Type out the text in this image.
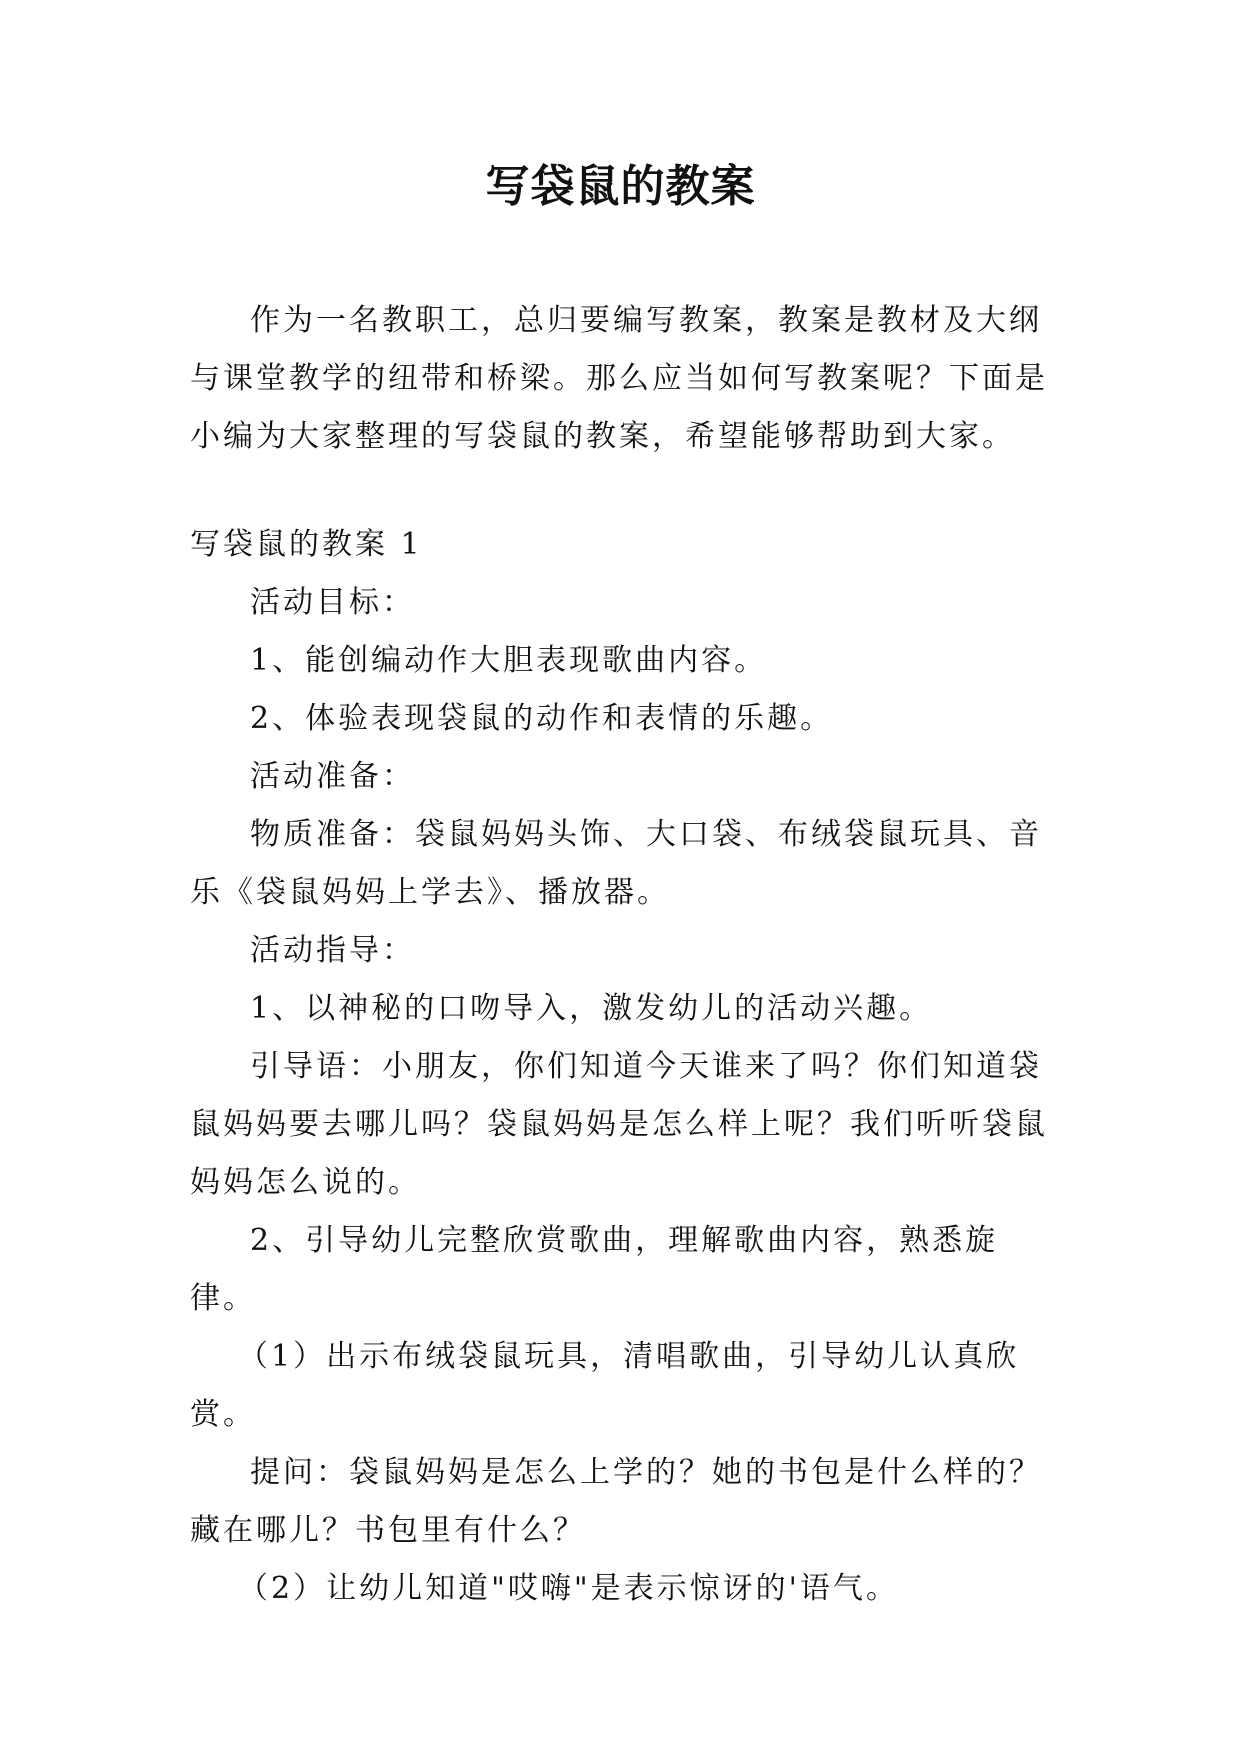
写袋鼠的教案

作为一名教职工，总归要编写教案，教案是教材及大纲与课堂教学的纽带和桥梁。那么应当如何写教案呢？下面是小编为大家整理的写袋鼠的教案，希望能够帮助到大家。

写袋鼠的教案 1

活动目标：

1、能创编动作大胆表现歌曲内容。

2、体验表现袋鼠的动作和表情的乐趣。

活动准备：

物质准备：袋鼠妈妈头饰、大口袋、布绒袋鼠玩具、音乐《袋鼠妈妈上学去》、播放器。

活动指导：

1、以神秘的口吻导入，激发幼儿的活动兴趣。

引导语：小朋友，你们知道今天谁来了吗？你们知道袋鼠妈妈要去哪儿吗？袋鼠妈妈是怎么样上呢？我们听听袋鼠妈妈怎么说的。

2、引导幼儿完整欣赏歌曲，理解歌曲内容，熟悉旋律。

（1）出示布绒袋鼠玩具，清唱歌曲，引导幼儿认真欣赏。

提问：袋鼠妈妈是怎么上学的？她的书包是什么样的？藏在哪儿？书包里有什么？

（2）让幼儿知道"哎嗨"是表示惊讶的'语气。
